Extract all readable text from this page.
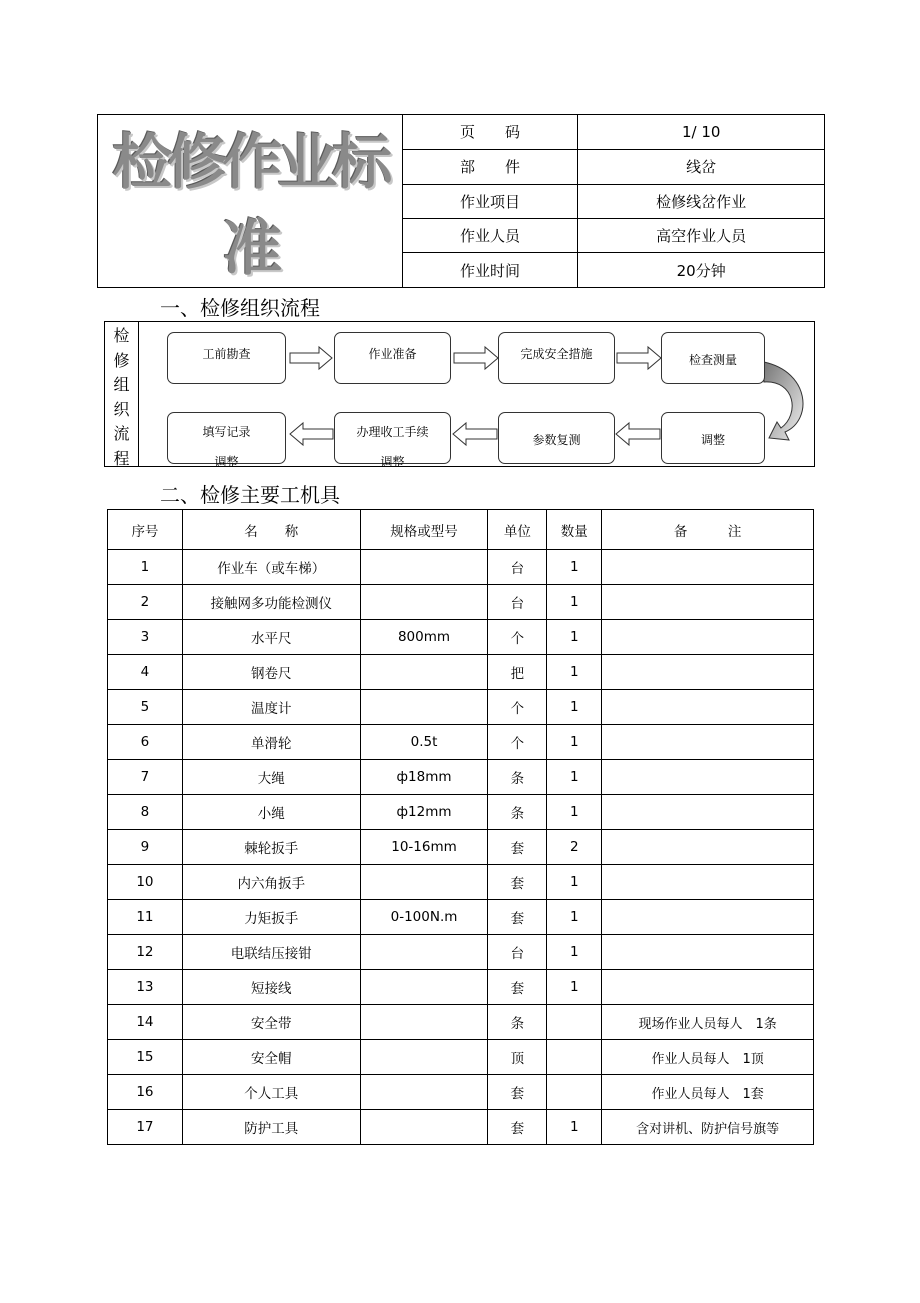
检修作业标准	页　　码	1/ 10
	部　　件	线岔
	作业项目	检修线岔作业
	作业人员	高空作业人员
	作业时间	20分钟
一、检修组织流程
检
修
组
织
流
程
工前勘查	作业准备	完成安全措施	检查测量
填写记录
调整
办理收工手续
调整
参数复测	调整
二、检修主要工机具
序号	名　　称	规格或型号	单位	数量	备　　　注
1	作业车（或车梯）		台	1	
2	接触网多功能检测仪		台	1	
3	水平尺	800mm	个	1	
4	钢卷尺		把	1	
5	温度计		个	1	
6	单滑轮	0.5t	个	1	
7	大绳	ф18mm	条	1	
8	小绳	ф12mm	条	1	
9	棘轮扳手	10-16mm	套	2	
10	内六角扳手		套	1	
11	力矩扳手	0-100N.m	套	1	
12	电联结压接钳		台	1	
13	短接线		套	1	
14	安全带		条		现场作业人员每人　1条
15	安全帽		顶		作业人员每人　1顶
16	个人工具		套		作业人员每人　1套
17	防护工具		套	1	含对讲机、防护信号旗等
